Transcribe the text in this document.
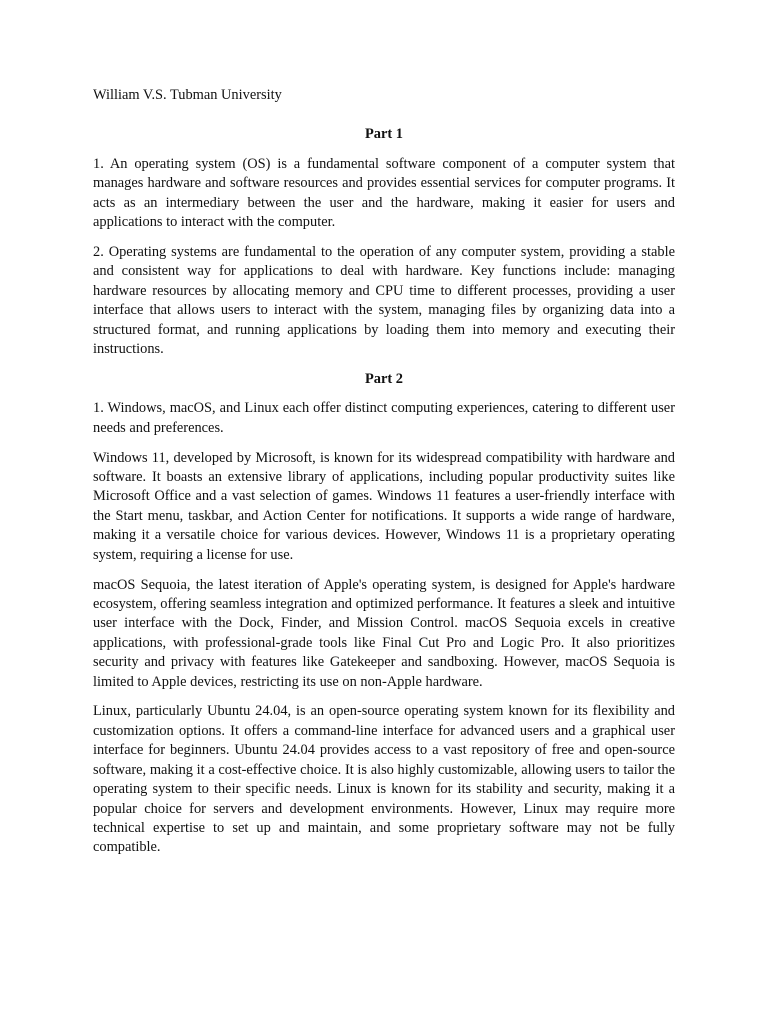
William V.S. Tubman University

Part 1

1. An operating system (OS) is a fundamental software component of a computer system that manages hardware and software resources and provides essential services for computer programs. It acts as an intermediary between the user and the hardware, making it easier for users and applications to interact with the computer.

2. Operating systems are fundamental to the operation of any computer system, providing a stable and consistent way for applications to deal with hardware. Key functions include: managing hardware resources by allocating memory and CPU time to different processes, providing a user interface that allows users to interact with the system, managing files by organizing data into a structured format, and running applications by loading them into memory and executing their instructions.

Part 2

1. Windows, macOS, and Linux each offer distinct computing experiences, catering to different user needs and preferences.

Windows 11, developed by Microsoft, is known for its widespread compatibility with hardware and software. It boasts an extensive library of applications, including popular productivity suites like Microsoft Office and a vast selection of games. Windows 11 features a user-friendly interface with the Start menu, taskbar, and Action Center for notifications. It supports a wide range of hardware, making it a versatile choice for various devices. However, Windows 11 is a proprietary operating system, requiring a license for use.

macOS Sequoia, the latest iteration of Apple's operating system, is designed for Apple's hardware ecosystem, offering seamless integration and optimized performance. It features a sleek and intuitive user interface with the Dock, Finder, and Mission Control. macOS Sequoia excels in creative applications, with professional-grade tools like Final Cut Pro and Logic Pro. It also prioritizes security and privacy with features like Gatekeeper and sandboxing. However, macOS Sequoia is limited to Apple devices, restricting its use on non-Apple hardware.

Linux, particularly Ubuntu 24.04, is an open-source operating system known for its flexibility and customization options. It offers a command-line interface for advanced users and a graphical user interface for beginners. Ubuntu 24.04 provides access to a vast repository of free and open-source software, making it a cost-effective choice. It is also highly customizable, allowing users to tailor the operating system to their specific needs. Linux is known for its stability and security, making it a popular choice for servers and development environments. However, Linux may require more technical expertise to set up and maintain, and some proprietary software may not be fully compatible.
